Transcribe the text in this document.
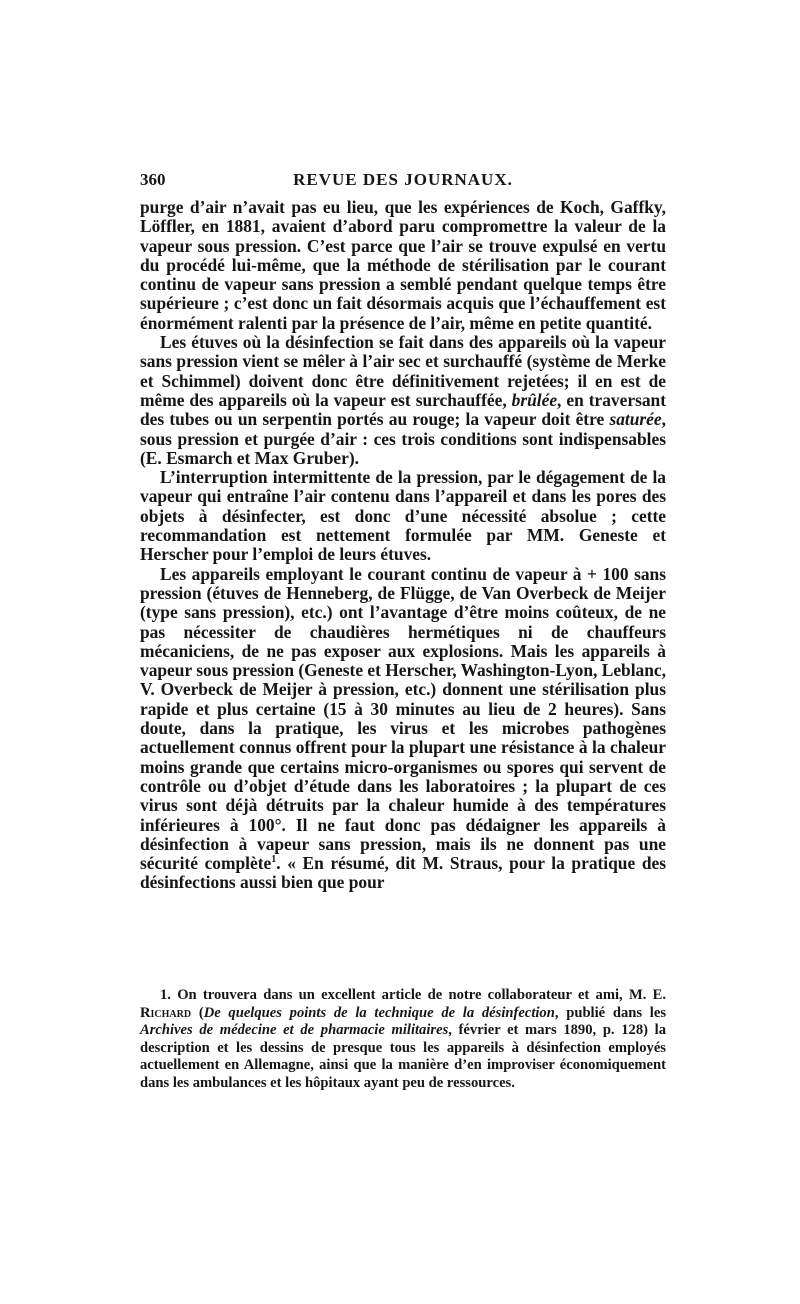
360	REVUE DES JOURNAUX.

purge d’air n’avait pas eu lieu, que les expériences de Koch, Gaffky, Löffler, en 1881, avaient d’abord paru compromettre la valeur de la vapeur sous pression. C’est parce que l’air se trouve expulsé en vertu du procédé lui-même, que la méthode de stérilisation par le courant continu de vapeur sans pression a semblé pendant quelque temps être supérieure ; c’est donc un fait désormais acquis que l’échauffement est énormément ralenti par la présence de l’air, même en petite quantité.

Les étuves où la désinfection se fait dans des appareils où la vapeur sans pression vient se mêler à l’air sec et surchauffé (système de Merke et Schimmel) doivent donc être définitivement rejetées; il en est de même des appareils où la vapeur est surchauffée, brûlée, en traversant des tubes ou un serpentin portés au rouge; la vapeur doit être saturée, sous pression et purgée d’air : ces trois conditions sont indispensables (E. Esmarch et Max Gruber).

L’interruption intermittente de la pression, par le dégagement de la vapeur qui entraîne l’air contenu dans l’appareil et dans les pores des objets à désinfecter, est donc d’une nécessité absolue ; cette recommandation est nettement formulée par MM. Geneste et Herscher pour l’emploi de leurs étuves.

Les appareils employant le courant continu de vapeur à + 100 sans pression (étuves de Henneberg, de Flügge, de Van Overbeck de Meijer (type sans pression), etc.) ont l’avantage d’être moins coûteux, de ne pas nécessiter de chaudières hermétiques ni de chauffeurs mécaniciens, de ne pas exposer aux explosions. Mais les appareils à vapeur sous pression (Geneste et Herscher, Washington-Lyon, Leblanc, V. Overbeck de Meijer à pression, etc.) donnent une stérilisation plus rapide et plus certaine (15 à 30 minutes au lieu de 2 heures). Sans doute, dans la pratique, les virus et les microbes pathogènes actuellement connus offrent pour la plupart une résistance à la chaleur moins grande que certains micro-organismes ou spores qui servent de contrôle ou d’objet d’étude dans les laboratoires ; la plupart de ces virus sont déjà détruits par la chaleur humide à des températures inférieures à 100°. Il ne faut donc pas dédaigner les appareils à désinfection à vapeur sans pression, mais ils ne donnent pas une sécurité complète$^1$. « En résumé, dit M. Straus, pour la pratique des désinfections aussi bien que pour

1. On trouvera dans un excellent article de notre collaborateur et ami, M. E. Richard (De quelques points de la technique de la désinfection, publié dans les Archives de médecine et de pharmacie militaires, février et mars 1890, p. 128) la description et les dessins de presque tous les appareils à désinfection employés actuellement en Allemagne, ainsi que la manière d’en improviser économiquement dans les ambulances et les hôpitaux ayant peu de ressources.
